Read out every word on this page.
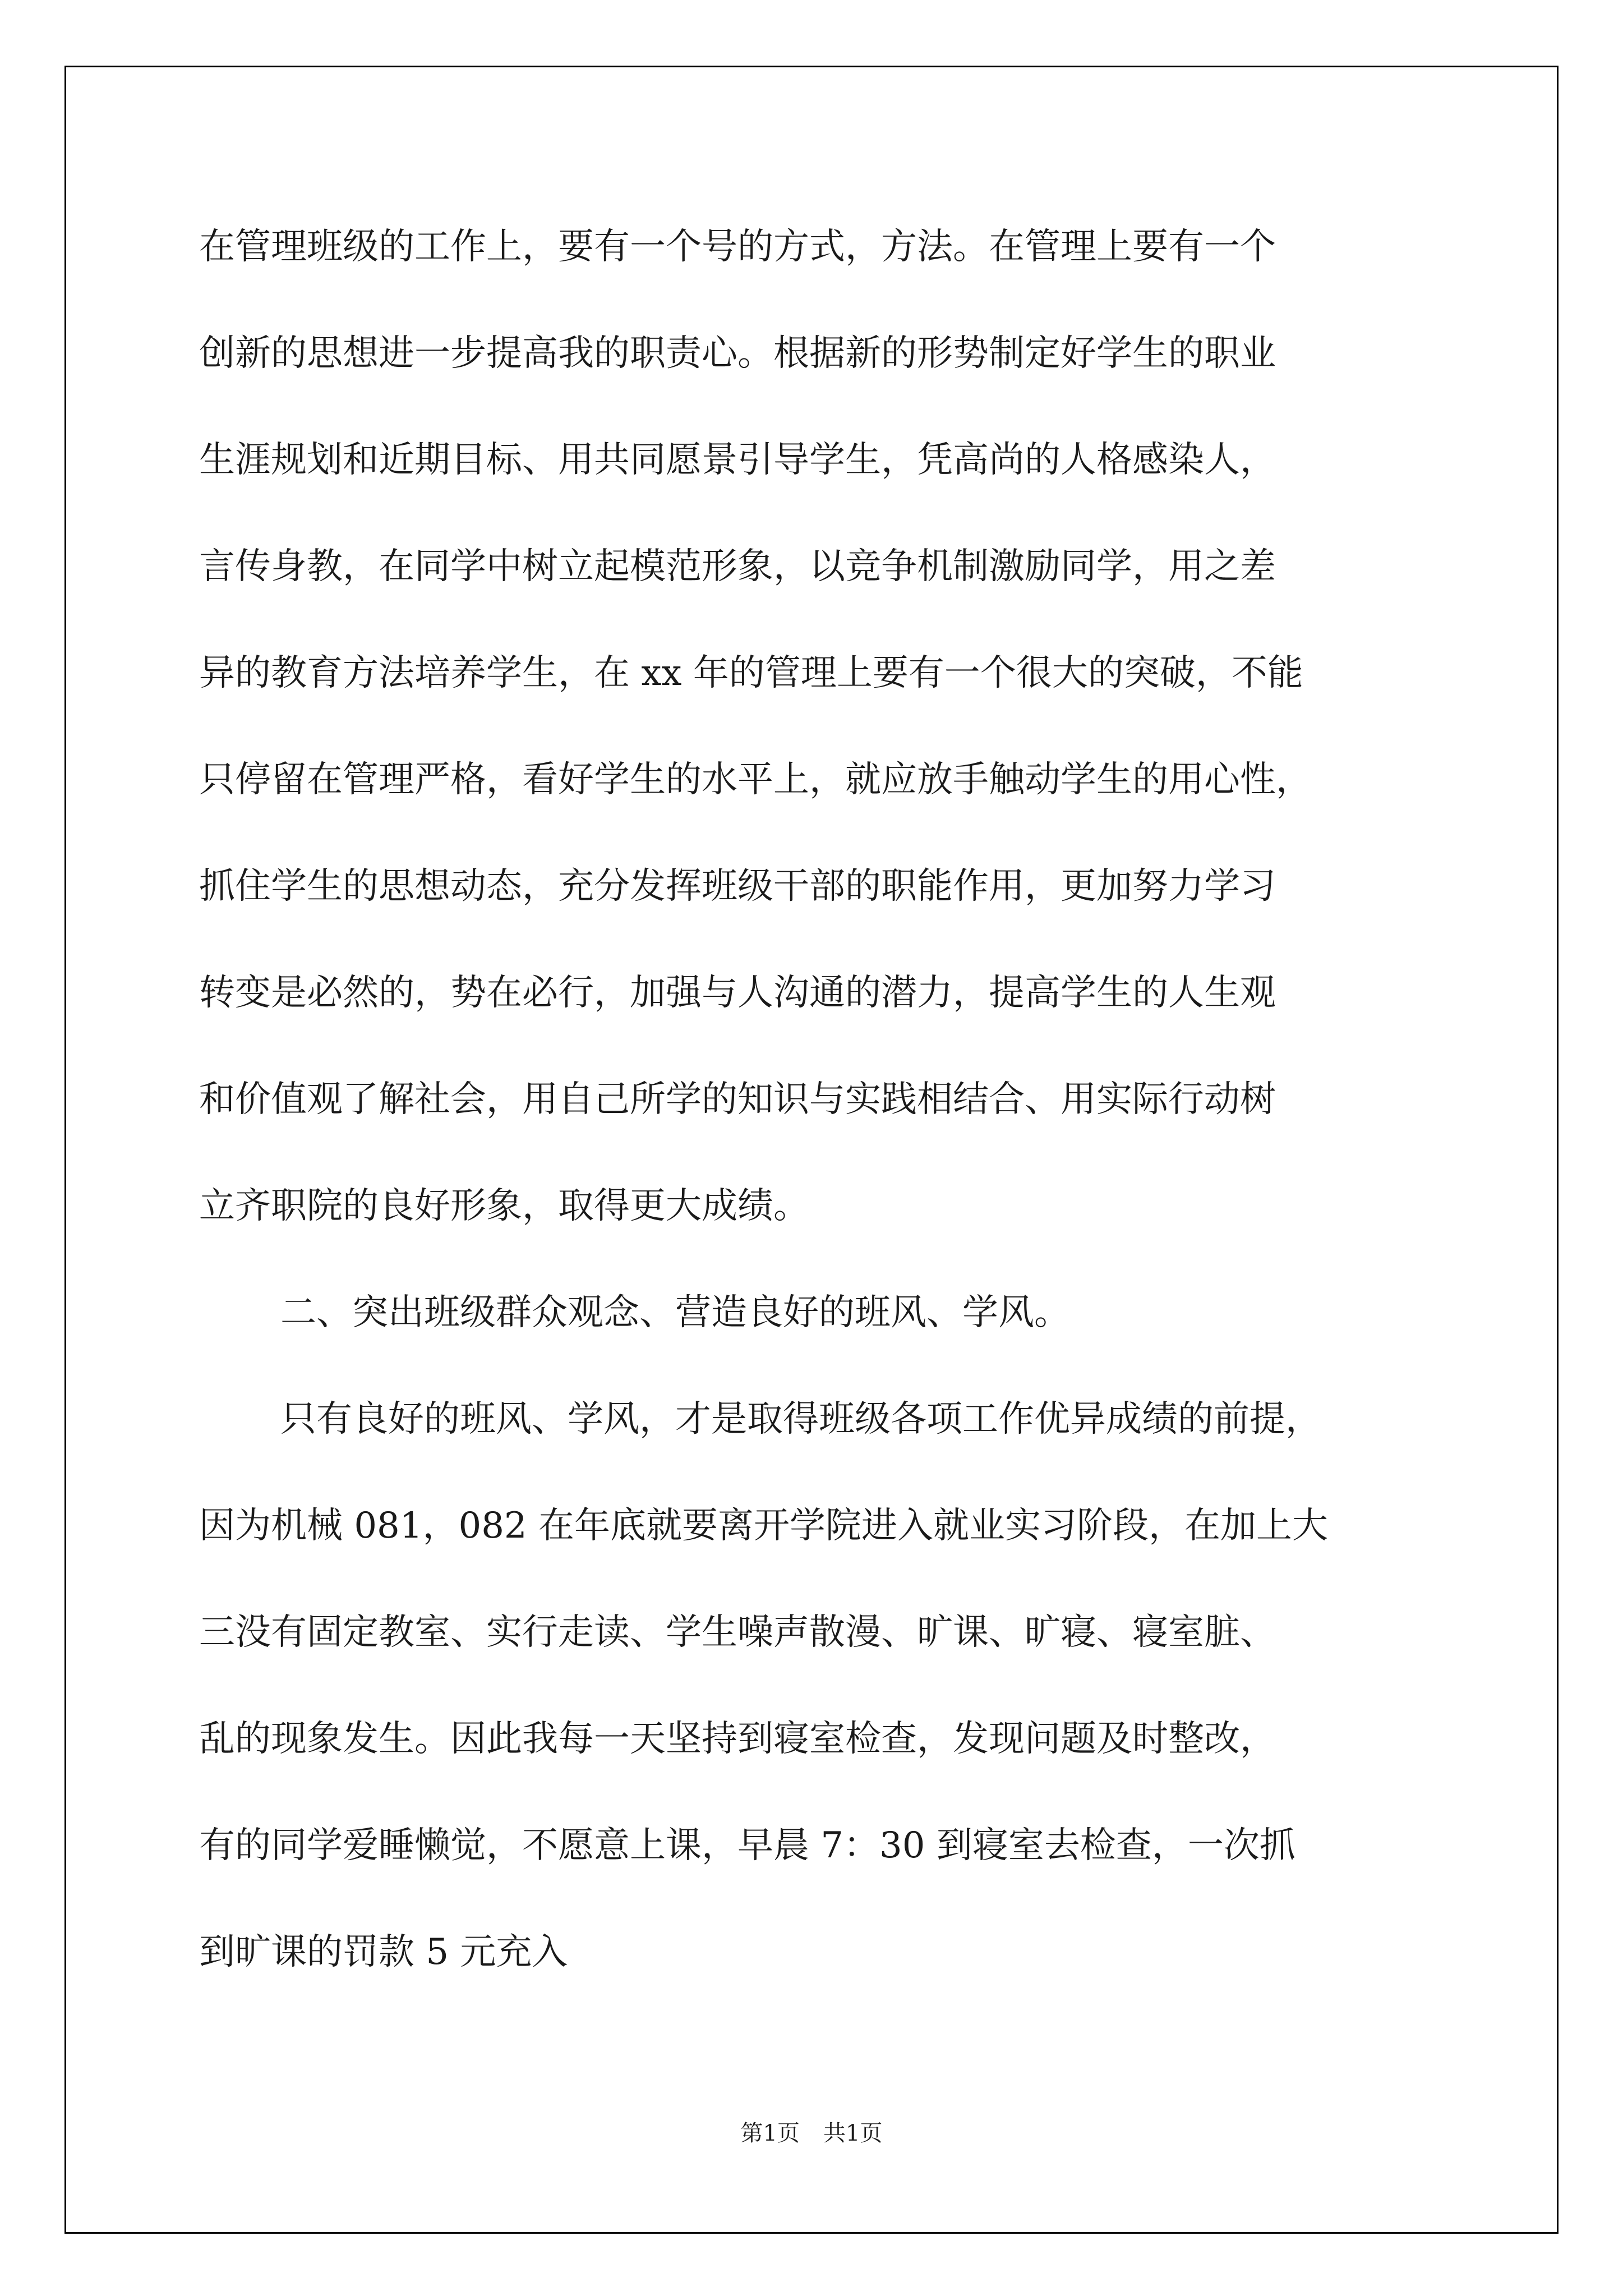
在管理班级的工作上，要有一个号的方式，方法。在管理上要有一个

创新的思想进一步提高我的职责心。根据新的形势制定好学生的职业

生涯规划和近期目标、用共同愿景引导学生，凭高尚的人格感染人，

言传身教，在同学中树立起模范形象，以竞争机制激励同学，用之差

异的教育方法培养学生，在 xx 年的管理上要有一个很大的突破，不能

只停留在管理严格，看好学生的水平上，就应放手触动学生的用心性，

抓住学生的思想动态，充分发挥班级干部的职能作用，更加努力学习

转变是必然的，势在必行，加强与人沟通的潜力，提高学生的人生观

和价值观了解社会，用自己所学的知识与实践相结合、用实际行动树

立齐职院的良好形象，取得更大成绩。

二、突出班级群众观念、营造良好的班风、学风。

只有良好的班风、学风，才是取得班级各项工作优异成绩的前提，

因为机械 081，082 在年底就要离开学院进入就业实习阶段，在加上大

三没有固定教室、实行走读、学生噪声散漫、旷课、旷寝、寝室脏、

乱的现象发生。因此我每一天坚持到寝室检查，发现问题及时整改，

有的同学爱睡懒觉，不愿意上课，早晨 7：30 到寝室去检查，一次抓

到旷课的罚款 5 元充入

第1页 共1页
